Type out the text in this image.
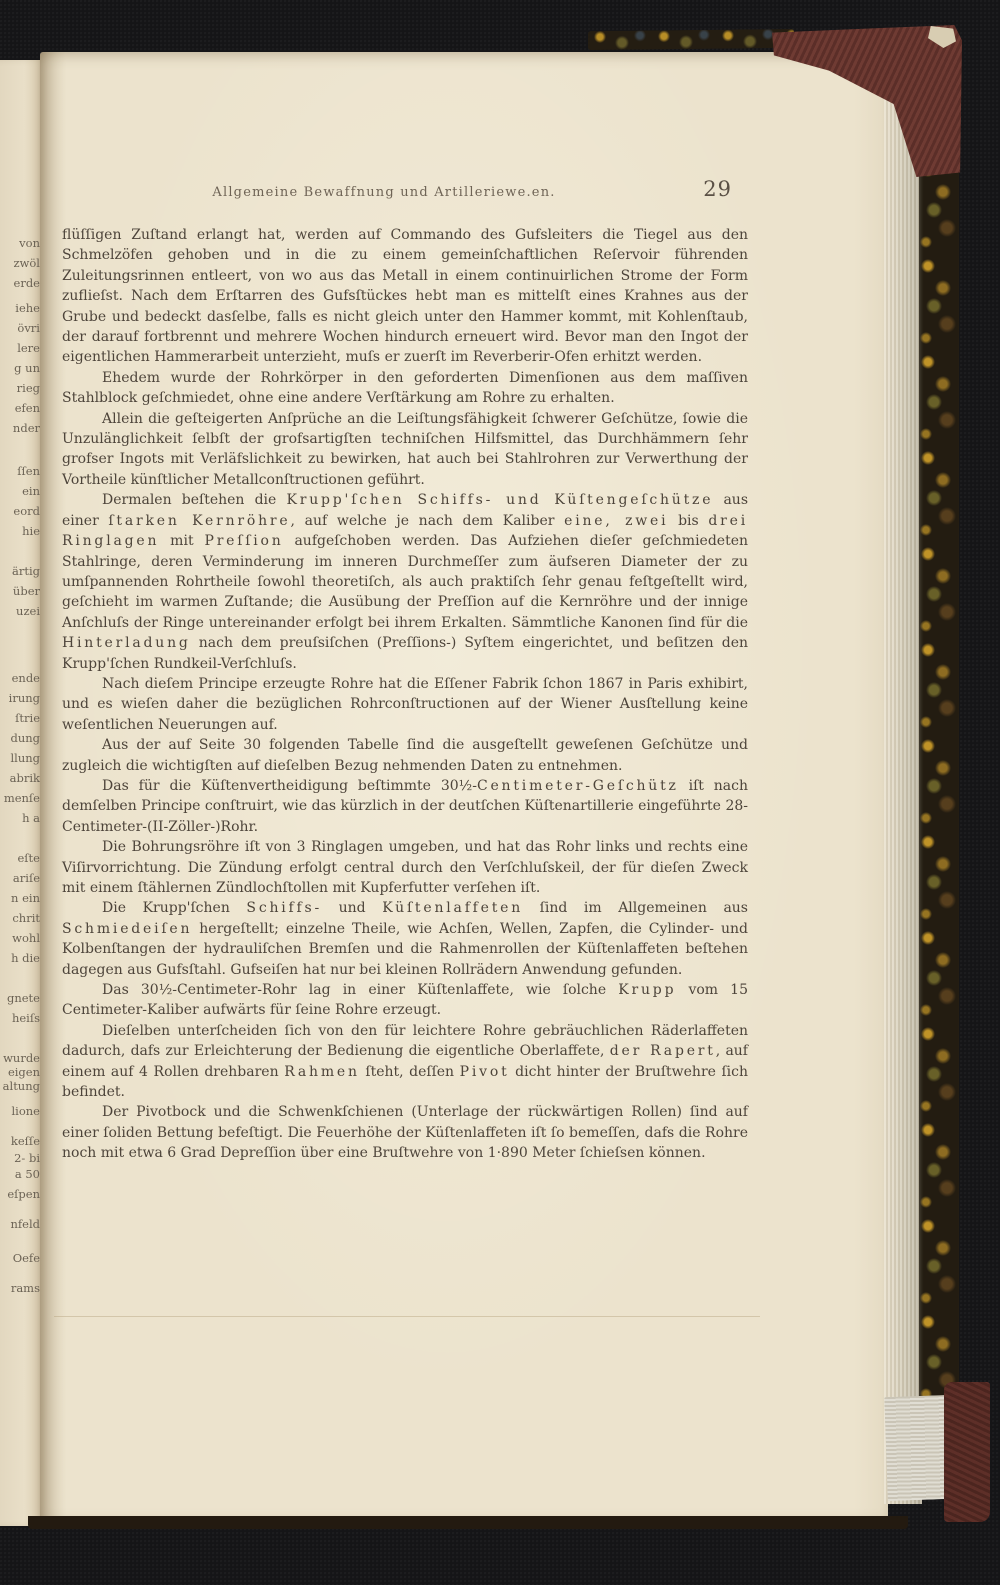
von
zwöl
erde
iehe
övri
lere
g un
rieg
efen
nder
ſſen
ein
eord
hie
ärtig
über
uzei
ende
irung
ſtrie
dung
llung
abrik
menſe
h a
eſte
ariſe
n ein
chrit
wohl
h die
gnete
heiſs
wurde
eigen
altung
lione
keſſe
2- bi
a 50
eſpen
nfeld
Oefe
rams
Allgemeine Bewaffnung und Artilleriewe.en.	29

flüſſigen Zuſtand erlangt hat, werden auf Commando des Gufsleiters die Tiegel aus den Schmelzöfen gehoben und in die zu einem gemeinſchaftlichen Reſervoir führenden Zuleitungsrinnen entleert, von wo aus das Metall in einem continuirlichen Strome der Form zuflieſst. Nach dem Erſtarren des Gufsſtückes hebt man es mittelſt eines Krahnes aus der Grube und bedeckt dasſelbe, falls es nicht gleich unter den Hammer kommt, mit Kohlenſtaub, der darauf fortbrennt und mehrere Wochen hindurch erneuert wird. Bevor man den Ingot der eigentlichen Hammerarbeit unterzieht, muſs er zuerſt im Reverberir-Ofen erhitzt werden.

Ehedem wurde der Rohrkörper in den geforderten Dimenſionen aus dem maſſiven Stahlblock geſchmiedet, ohne eine andere Verſtärkung am Rohre zu erhalten.

Allein die geſteigerten Anſprüche an die Leiſtungsfähigkeit ſchwerer Geſchütze, ſowie die Unzulänglichkeit ſelbſt der grofsartigſten techniſchen Hilfsmittel, das Durchhämmern ſehr grofser Ingots mit Verläfslichkeit zu bewirken, hat auch bei Stahlrohren zur Verwerthung der Vortheile künſtlicher Metallconſtructionen geführt.

Dermalen beſtehen die Krupp'ſchen Schiffs- und Küſtengeſchütze aus einer ſtarken Kernröhre, auf welche je nach dem Kaliber eine, zwei bis drei Ringlagen mit Preſſion aufgeſchoben werden. Das Aufziehen dieſer geſchmiedeten Stahlringe, deren Verminderung im inneren Durchmeſſer zum äufseren Diameter der zu umſpannenden Rohrtheile ſowohl theoretiſch, als auch praktiſch ſehr genau feſtgeſtellt wird, geſchieht im warmen Zuſtande; die Ausübung der Preſſion auf die Kernröhre und der innige Anſchluſs der Ringe untereinander erfolgt bei ihrem Erkalten. Sämmtliche Kanonen ſind für die Hinterladung nach dem preuſsiſchen (Preſſions-) Syſtem eingerichtet, und beſitzen den Krupp'ſchen Rundkeil-Verſchluſs.

Nach dieſem Principe erzeugte Rohre hat die Eſſener Fabrik ſchon 1867 in Paris exhibirt, und es wieſen daher die bezüglichen Rohrconſtructionen auf der Wiener Ausſtellung keine weſentlichen Neuerungen auf.

Aus der auf Seite 30 folgenden Tabelle ſind die ausgeſtellt geweſenen Geſchütze und zugleich die wichtigſten auf dieſelben Bezug nehmenden Daten zu entnehmen.

Das für die Küſtenvertheidigung beſtimmte 30½-Centimeter-Geſchütz iſt nach demſelben Principe conſtruirt, wie das kürzlich in der deutſchen Küſtenartillerie eingeführte 28-Centimeter-(II-Zöller-)Rohr.

Die Bohrungsröhre iſt von 3 Ringlagen umgeben, und hat das Rohr links und rechts eine Viſirvorrichtung. Die Zündung erfolgt central durch den Verſchluſskeil, der für dieſen Zweck mit einem ſtählernen Zündlochſtollen mit Kupferfutter verſehen iſt.

Die Krupp'ſchen Schiffs- und Küſtenlaffeten ſind im Allgemeinen aus Schmiedeiſen hergeſtellt; einzelne Theile, wie Achſen, Wellen, Zapfen, die Cylinder- und Kolbenſtangen der hydrauliſchen Bremſen und die Rahmenrollen der Küſtenlaffeten beſtehen dagegen aus Gufsſtahl. Gufseiſen hat nur bei kleinen Rollrädern Anwendung gefunden.

Das 30½-Centimeter-Rohr lag in einer Küſtenlaffete, wie ſolche Krupp vom 15 Centimeter-Kaliber aufwärts für ſeine Rohre erzeugt.

Dieſelben unterſcheiden ſich von den für leichtere Rohre gebräuchlichen Räderlaffeten dadurch, dafs zur Erleichterung der Bedienung die eigentliche Oberlaffete, der Rapert, auf einem auf 4 Rollen drehbaren Rahmen ſteht, deſſen Pivot dicht hinter der Bruſtwehre ſich befindet.

Der Pivotbock und die Schwenkſchienen (Unterlage der rückwärtigen Rollen) ſind auf einer ſoliden Bettung befeſtigt. Die Feuerhöhe der Küſtenlaffeten iſt ſo bemeſſen, dafs die Rohre noch mit etwa 6 Grad Depreſſion über eine Bruſtwehre von 1·890 Meter ſchieſsen können.
